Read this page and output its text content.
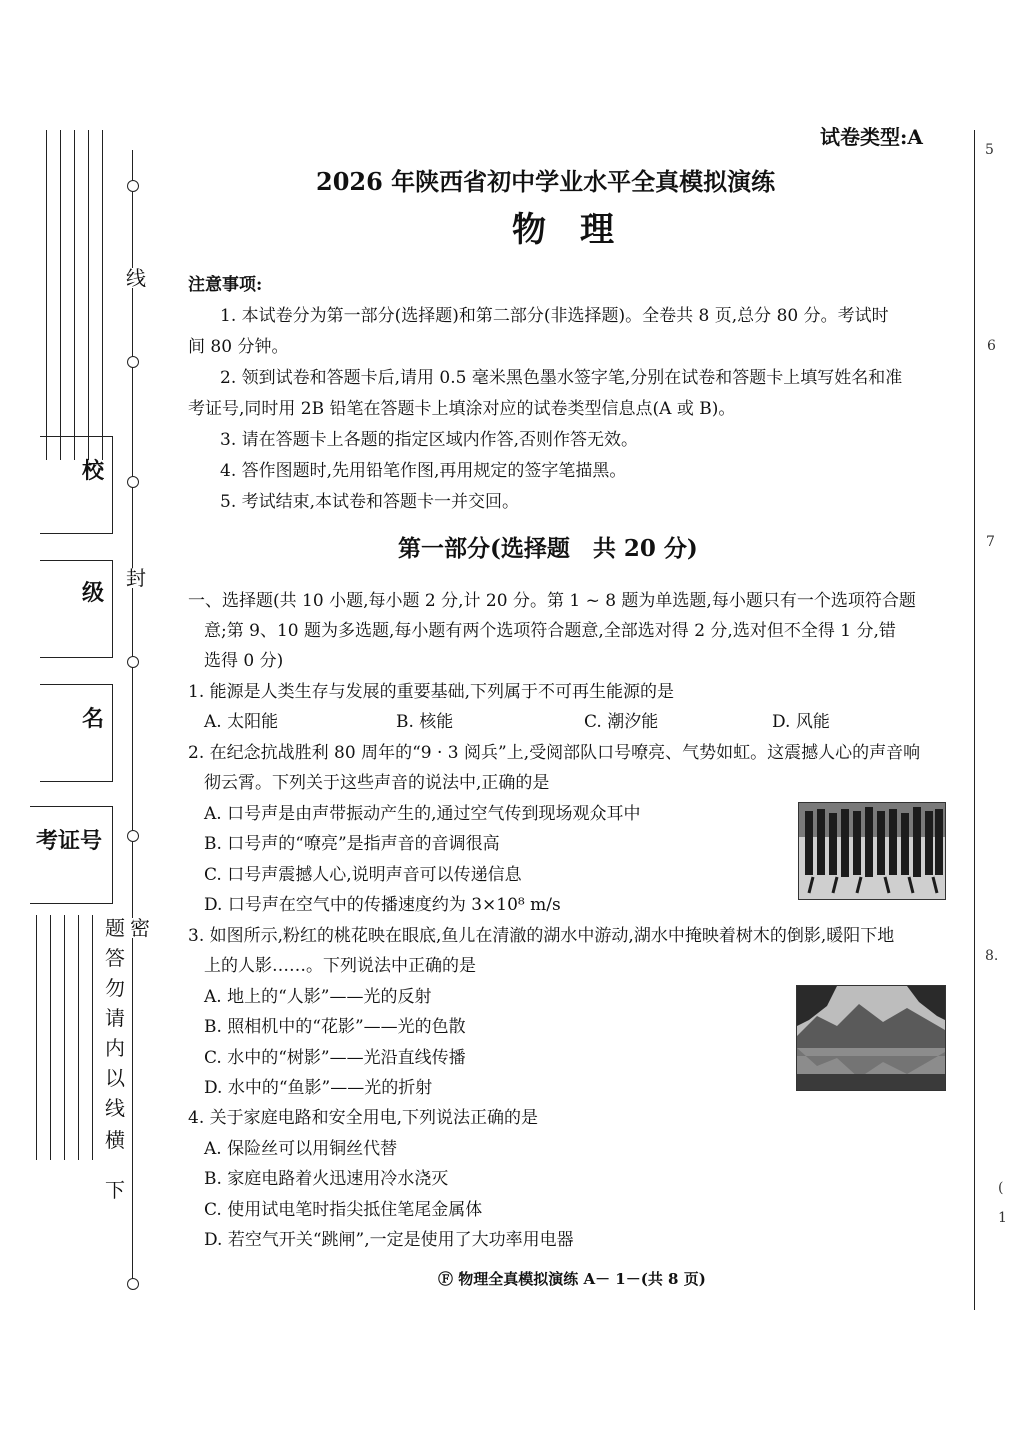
线
封
密
校
级
名
考证号
下
横
线
以
内
请
勿
答
题
5
6
7
8.
(
1
试卷类型:A
2026 年陕西省初中学业水平全真模拟演练
物　理
注意事项:
1. 本试卷分为第一部分(选择题)和第二部分(非选择题)。全卷共 8 页,总分 80 分。考试时
间 80 分钟。
2. 领到试卷和答题卡后,请用 0.5 毫米黑色墨水签字笔,分别在试卷和答题卡上填写姓名和准
考证号,同时用 2B 铅笔在答题卡上填涂对应的试卷类型信息点(A 或 B)。
3. 请在答题卡上各题的指定区域内作答,否则作答无效。
4. 答作图题时,先用铅笔作图,再用规定的签字笔描黑。
5. 考试结束,本试卷和答题卡一并交回。
第一部分(选择题　共 20 分)
一、选择题(共 10 小题,每小题 2 分,计 20 分。第 1 ~ 8 题为单选题,每小题只有一个选项符合题
意;第 9、10 题为多选题,每小题有两个选项符合题意,全部选对得 2 分,选对但不全得 1 分,错
选得 0 分)
1. 能源是人类生存与发展的重要基础,下列属于不可再生能源的是
A. 太阳能	B. 核能	C. 潮汐能	D. 风能
2. 在纪念抗战胜利 80 周年的“9 · 3 阅兵”上,受阅部队口号嘹亮、气势如虹。这震撼人心的声音响
彻云霄。下列关于这些声音的说法中,正确的是
A. 口号声是由声带振动产生的,通过空气传到现场观众耳中
B. 口号声的“嘹亮”是指声音的音调很高
C. 口号声震撼人心,说明声音可以传递信息
D. 口号声在空气中的传播速度约为 3×10⁸ m/s
3. 如图所示,粉红的桃花映在眼底,鱼儿在清澈的湖水中游动,湖水中掩映着树木的倒影,暖阳下地
上的人影……。下列说法中正确的是
A. 地上的“人影”——光的反射
B. 照相机中的“花影”——光的色散
C. 水中的“树影”——光沿直线传播
D. 水中的“鱼影”——光的折射
4. 关于家庭电路和安全用电,下列说法正确的是
A. 保险丝可以用铜丝代替
B. 家庭电路着火迅速用冷水浇灭
C. 使用试电笔时指尖抵住笔尾金属体
D. 若空气开关“跳闸”,一定是使用了大功率用电器
Ⓕ 物理全真模拟演练 A－ 1－(共 8 页)
